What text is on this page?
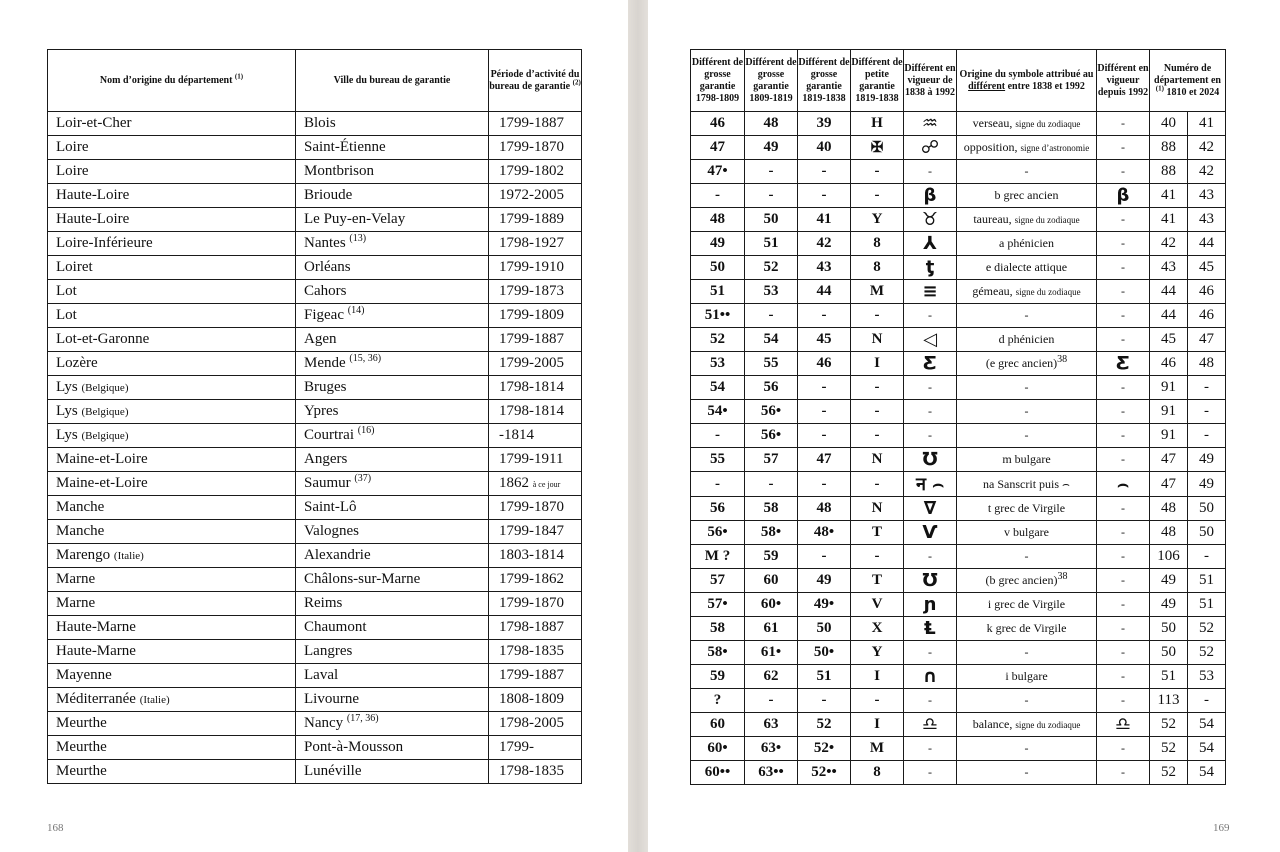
Nom d’origine du département $^{(1)}$	Ville du bureau de garantie	Période d’activité du bureau de garantie $^{(2)}$
Loir-et-Cher	Blois	1799-1887
Loire	Saint-Étienne	1799-1870
Loire	Montbrison	1799-1802
Haute-Loire	Brioude	1972-2005
Haute-Loire	Le Puy-en-Velay	1799-1889
Loire-Inférieure	Nantes $^{(13)}$	1798-1927
Loiret	Orléans	1799-1910
Lot	Cahors	1799-1873
Lot	Figeac $^{(14)}$	1799-1809
Lot-et-Garonne	Agen	1799-1887
Lozère	Mende $^{(15, 36)}$	1799-2005
Lys (Belgique)	Bruges	1798-1814
Lys (Belgique)	Ypres	1798-1814
Lys (Belgique)	Courtrai $^{(16)}$	-1814
Maine-et-Loire	Angers	1799-1911
Maine-et-Loire	Saumur $^{(37)}$	1862 à ce jour
Manche	Saint-Lô	1799-1870
Manche	Valognes	1799-1847
Marengo (Italie)	Alexandrie	1803-1814
Marne	Châlons-sur-Marne	1799-1862
Marne	Reims	1799-1870
Haute-Marne	Chaumont	1798-1887
Haute-Marne	Langres	1798-1835
Mayenne	Laval	1799-1887
Méditerranée (Italie)	Livourne	1808-1809
Meurthe	Nancy $^{(17, 36)}$	1798-2005
Meurthe	Pont-à-Mousson	1799-
Meurthe	Lunéville	1798-1835
168
Différent de grosse garantie 1798-1809	Différent de grosse garantie 1809-1819	Différent de grosse garantie 1819-1838	Différent de petite garantie 1819-1838	Différent en vigueur de 1838 à 1992	Origine du symbole attribué au différent entre 1838 et 1992	Différent en vigueur depuis 1992	Numéro de département en $^{(1)}$ 1810 et 2024	
46	48	39	H	♒	verseau, signe du zodiaque	-	40	41
47	49	40	✠	☍	opposition, signe d’astronomie	-	88	42
47•	-	-	-	-	-	-	88	42
-	-	-	-	β	b grec ancien	β	41	43
48	50	41	Y	♉	taureau, signe du zodiaque	-	41	43
49	51	42	8	⅄	a phénicien	-	42	44
50	52	43	8	ƫ	e dialecte attique	-	43	45
51	53	44	M	≡	gémeau, signe du zodiaque	-	44	46
51••	-	-	-	-	-	-	44	46
52	54	45	N	◁	d phénicien	-	45	47
53	55	46	I	Ƹ	(e grec ancien)$^{38}$	Ƹ	46	48
54	56	-	-	-	-	-	91	-
54•	56•	-	-	-	-	-	91	-
-	56•	-	-	-	-	-	91	-
55	57	47	N	℧	m bulgare	-	47	49
-	-	-	-	न ⌢	na Sanscrit puis ⌢	⌢	47	49
56	58	48	N	∇	t grec de Virgile	-	48	50
56•	58•	48•	T	Ѵ	v bulgare	-	48	50
M ?	59	-	-	-	-	-	106	-
57	60	49	T	Ʊ	(b grec ancien)$^{38}$	-	49	51
57•	60•	49•	V	ɲ	i grec de Virgile	-	49	51
58	61	50	X	Ⱡ	k grec de Virgile	-	50	52
58•	61•	50•	Y	-	-	-	50	52
59	62	51	I	∩	i bulgare	-	51	53
?	-	-	-	-	-	-	113	-
60	63	52	I	♎	balance, signe du zodiaque	♎	52	54
60•	63•	52•	M	-	-	-	52	54
60••	63••	52••	8	-	-	-	52	54
169
